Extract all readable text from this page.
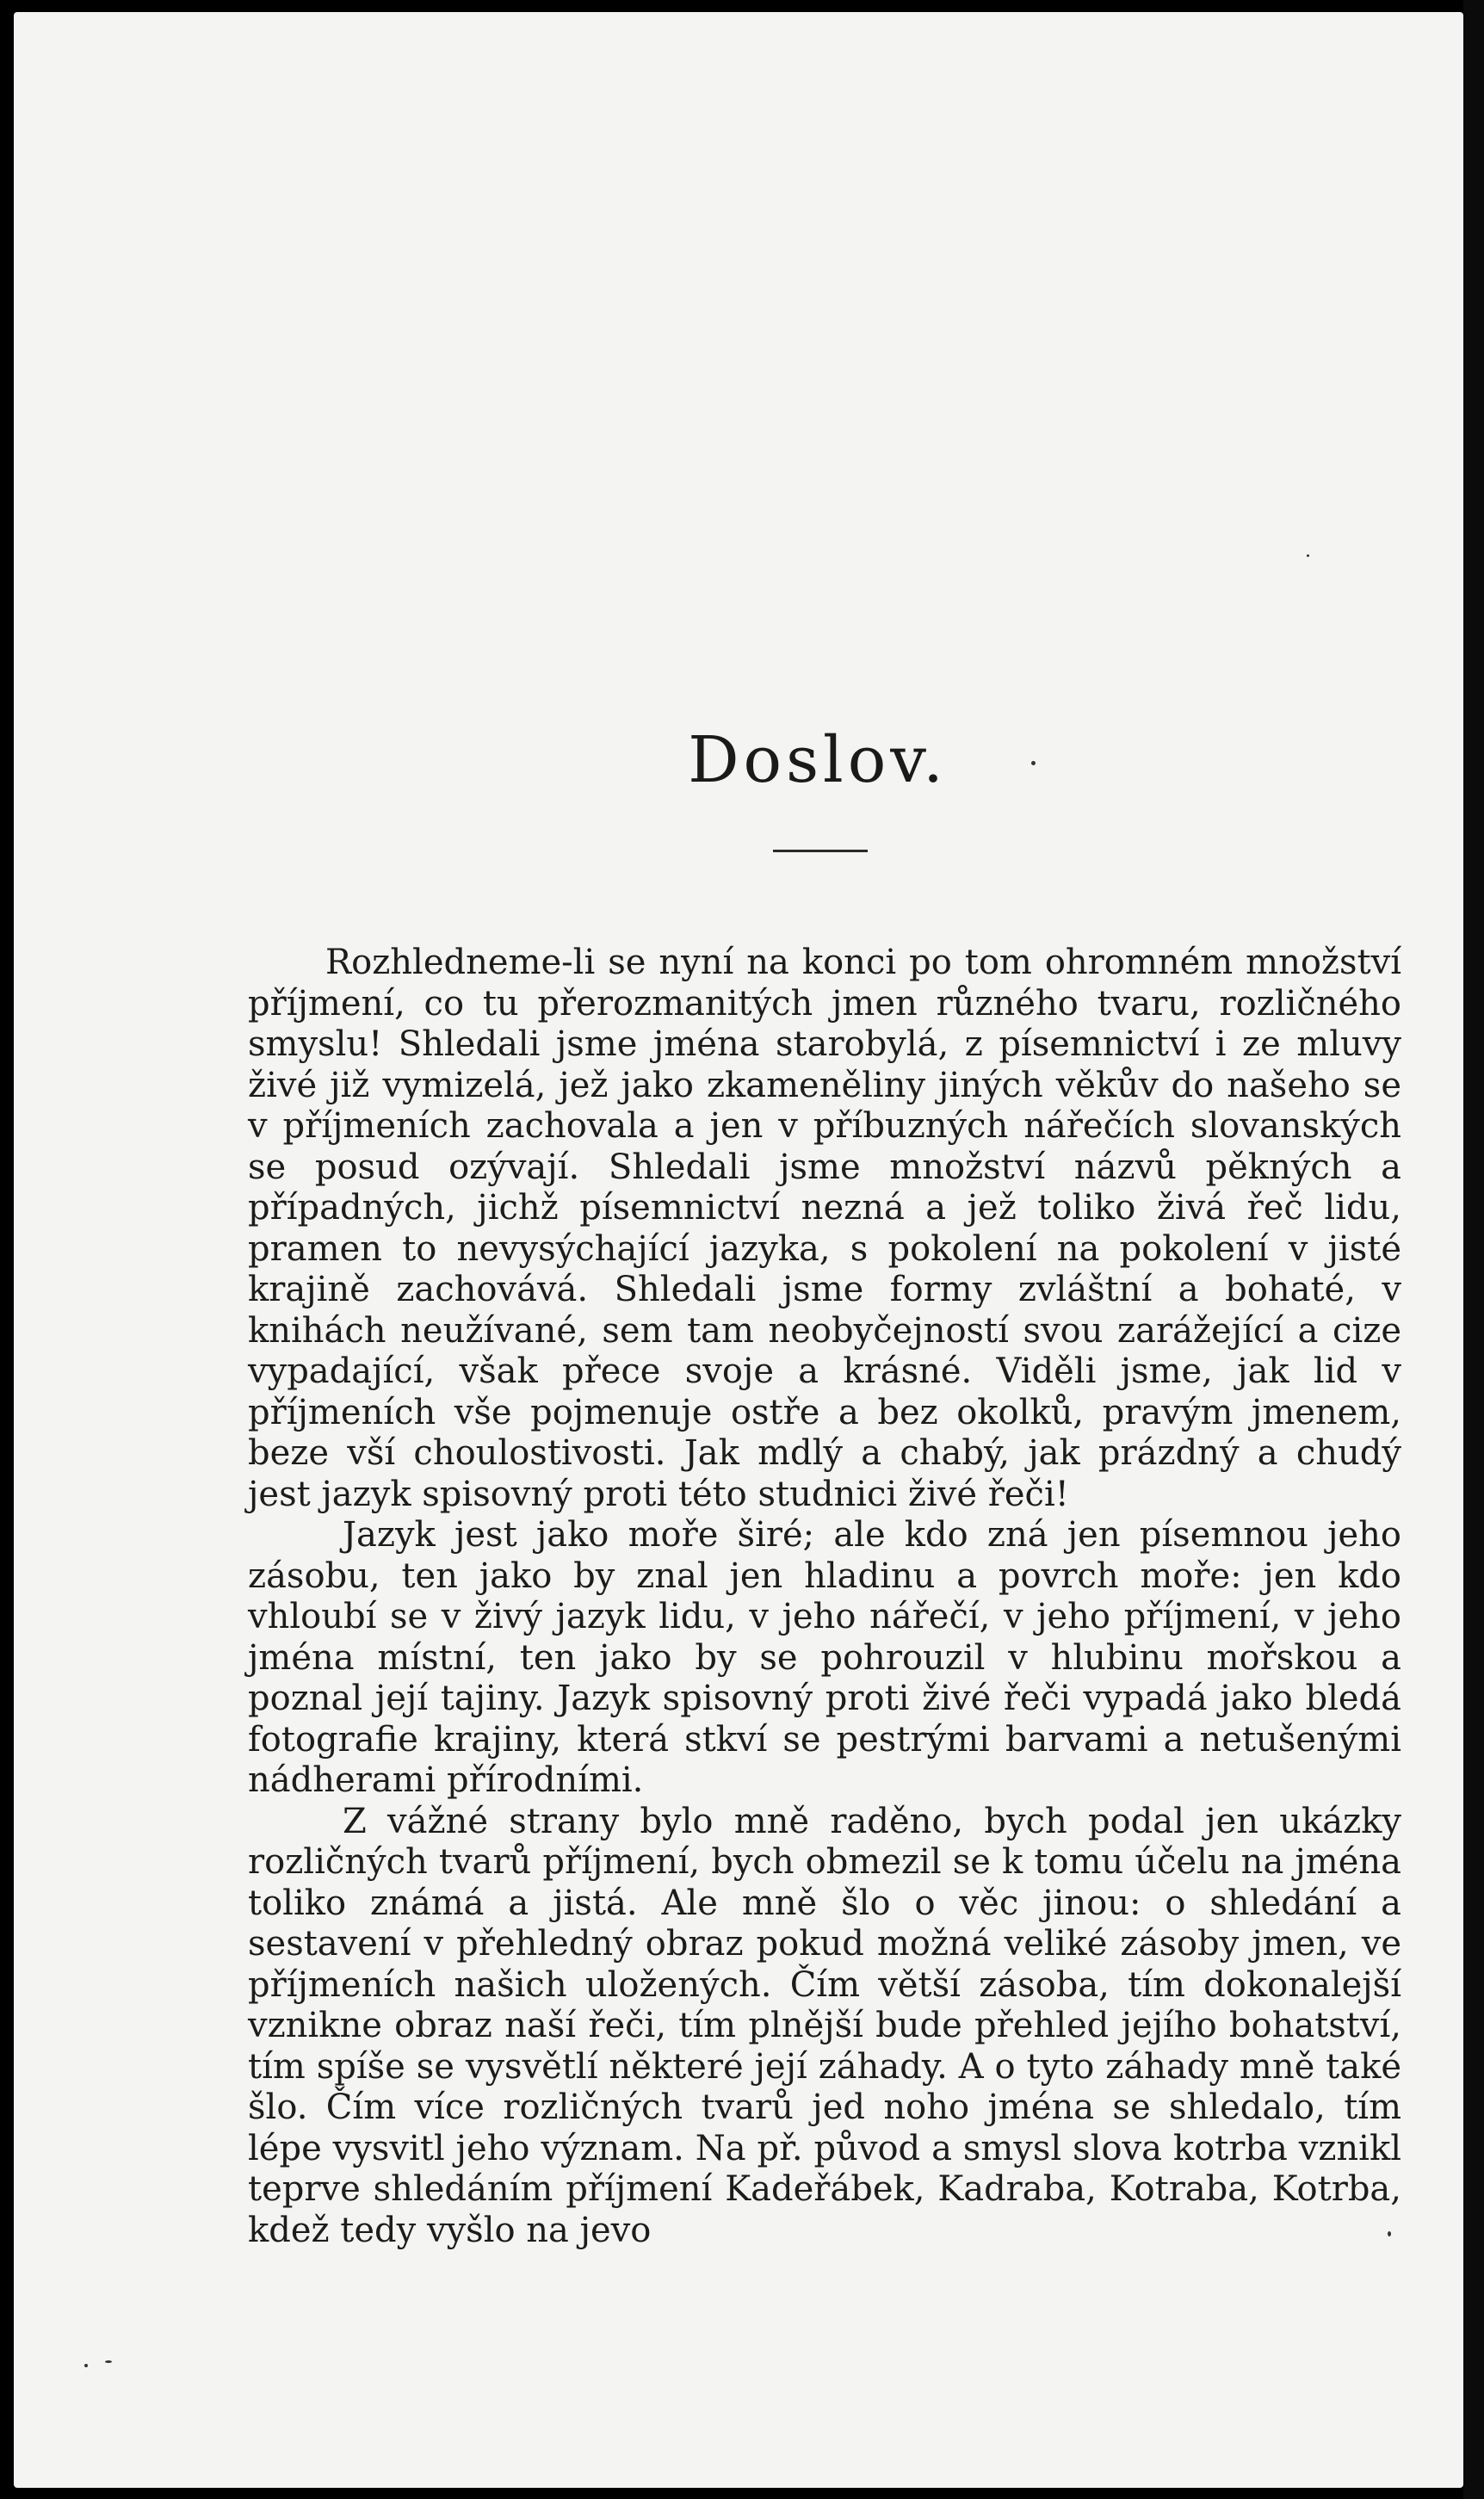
Doslov.

Rozhledneme-li se nyní na konci po tom ohromném množství příjmení, co tu přerozmanitých jmen různého tvaru, rozličného smyslu! Shledali jsme jména starobylá, z písemnictví i ze mluvy živé již vymizelá, jež jako zkameněliny jiných věkův do našeho se v příjmeních zachovala a jen v příbuzných nářečích slovanských se posud ozývají. Shledali jsme množství názvů pěkných a případných, jichž písemnictví nezná a jež toliko živá řeč lidu, pramen to nevysýchající jazyka, s pokolení na pokolení v jisté krajině zachovává. Shledali jsme formy zvláštní a bohaté, v knihách neužívané, sem tam neobyčejností svou zarážející a cize vypadající, však přece svoje a krásné. Viděli jsme, jak lid v příjmeních vše pojmenuje ostře a bez okolků, pravým jmenem, beze vší choulostivosti. Jak mdlý a chabý, jak prázdný a chudý jest jazyk spisovný proti této studnici živé řeči!

Jazyk jest jako moře širé; ale kdo zná jen písemnou jeho zásobu, ten jako by znal jen hladinu a povrch moře: jen kdo vhloubí se v živý jazyk lidu, v jeho nářečí, v jeho příjmení, v jeho jména místní, ten jako by se pohrouzil v hlubinu mořskou a poznal její tajiny. Jazyk spisovný proti živé řeči vypadá jako bledá fotografie krajiny, která stkví se pestrými barvami a netušenými nádherami přírodními.

Z vážné strany bylo mně raděno, bych podal jen ukázky rozličných tvarů příjmení, bych obmezil se k tomu účelu na jména toliko známá a jistá. Ale mně šlo o věc jinou: o shledání a sestavení v přehledný obraz pokud možná veliké zásoby jmen, ve příjmeních našich uložených. Čím větší zásoba, tím dokonalejší vznikne obraz naší řeči, tím plnější bude přehled jejího bohatství, tím spíše se vysvětlí některé její záhady. A o tyto záhady mně také šlo. Čím více rozličných tvarů jed noho jména se shledalo, tím lépe vysvitl jeho význam. Na př. původ a smysl slova kotrba vznikl teprve shledáním příjmení Kadeřábek, Kadraba, Kotraba, Kotrba, kdež tedy vyšlo na jevo
